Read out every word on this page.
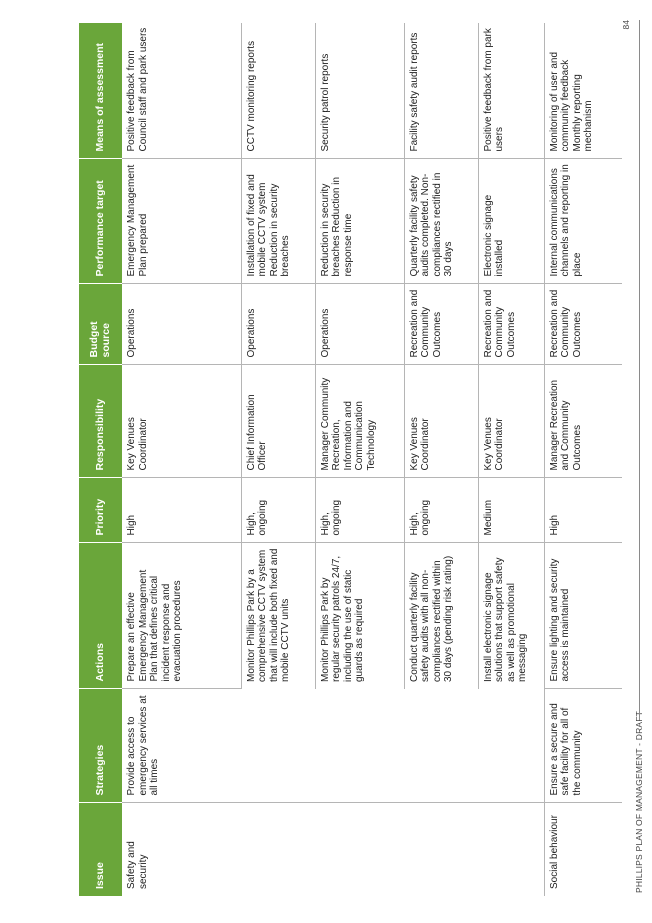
Issue	Strategies	Actions	Priority	Responsibility	Budget source	Performance target	Means of assessment
Safety and security	Provide access to emergency services at all times	Prepare an effective Emergency Management Plan that defines critical incident response and evacuation procedures	High	Key Venues Coordinator	Operations	Emergency Management Plan prepared	Positive feedback from Council staff and park users
		Monitor Phillips Park by a comprehensive CCTV system that will include both fixed and mobile CCTV units	High, ongoing	Chief Information Officer	Operations	Installation of fixed and mobile CCTV system Reduction in security breaches	CCTV monitoring reports
		Monitor Phillips Park by regular security patrols 24/7, including the use of static guards as required	High, ongoing	Manager Community Recreation, Information and Communication Technology	Operations	Reduction in security breaches Reduction in response time	Security patrol reports
		Conduct quarterly facility safety audits with all non-compliances rectified within 30 days (pending risk rating)	High, ongoing	Key Venues Coordinator	Recreation and Community Outcomes	Quarterly facility safety audits completed. Non-compliances rectified in 30 days	Facility safety audit reports
		Install electronic signage solutions that support safety as well as promotional messaging	Medium	Key Venues Coordinator	Recreation and Community Outcomes	Electronic signage installed	Positive feedback from park users
Social behaviour	Ensure a secure and safe facility for all of the community	Ensure lighting and security access is maintained	High	Manager Recreation and Community Outcomes	Recreation and Community Outcomes	Internal communications channels and reporting in place	Monitoring of user and community feedback Monthly reporting mechanism
PHILLIPS PLAN OF MANAGEMENT - DRAFT
84
